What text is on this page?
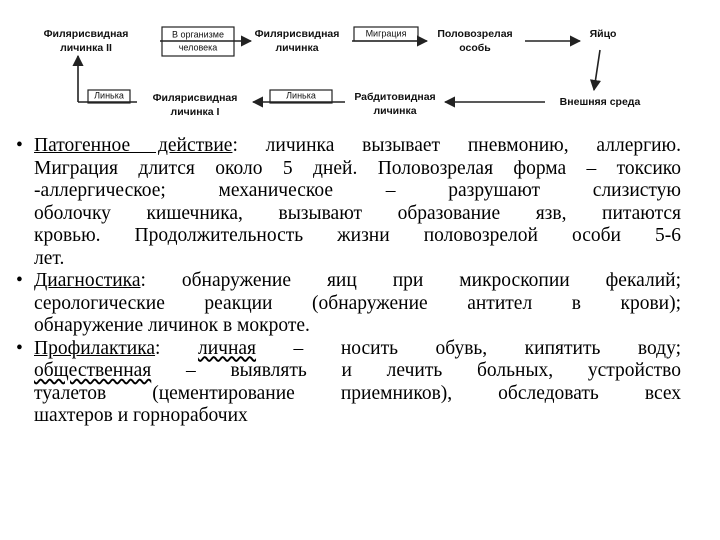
Филярисвидная
личинка II
В организме
человека
Филярисвидная
личинка
Миграция	Половозрелая
особь
Яйцо
Внешняя среда
Рабдитовидная
личинка
Линька
Филярисвидная
личинка I
Линька
• Патогенное действие: личинка вызывает пневмонию, аллергию.
Миграция длится около 5 дней. Половозрелая форма – токсико
-аллергическое; механическое – разрушают слизистую
оболочку кишечника, вызывают образование язв, питаются
кровью. Продолжительность жизни половозрелой особи 5-6
лет.
• Диагностика: обнаружение яиц при микроскопии фекалий;
серологические реакции (обнаружение антител в крови);
обнаружение личинок в мокроте.
• Профилактика: личная – носить обувь, кипятить воду;
общественная – выявлять и лечить больных, устройство
туалетов (цементирование приемников), обследовать всех
шахтеров и горнорабочих
